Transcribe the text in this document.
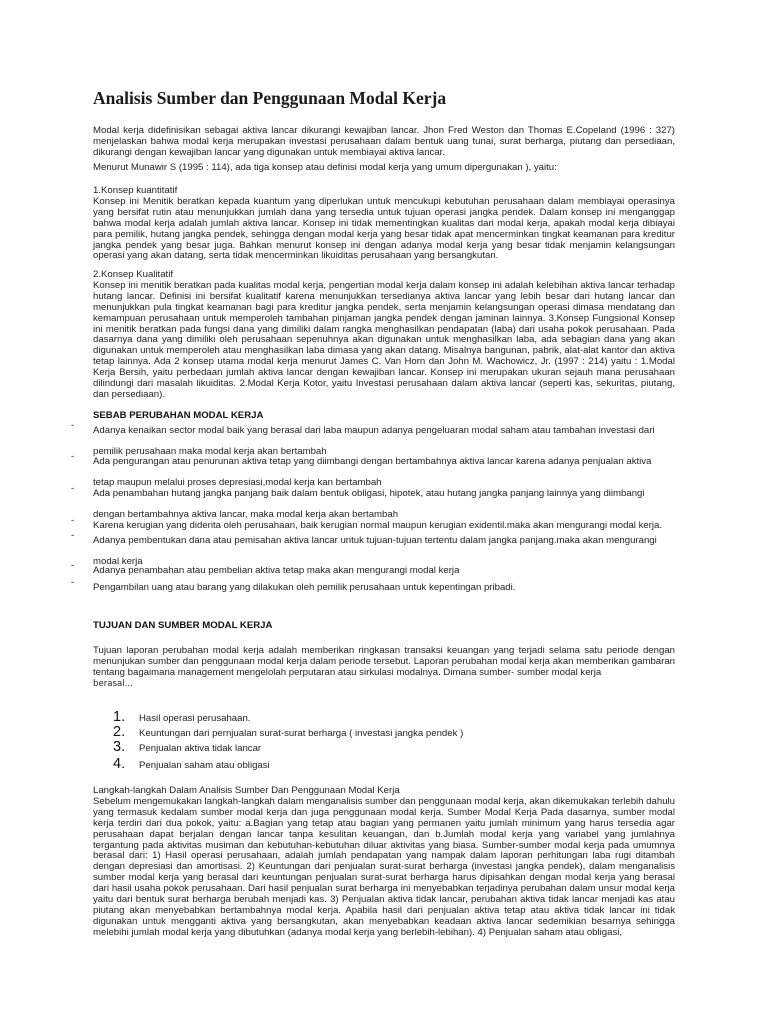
Analisis Sumber dan Penggunaan Modal Kerja
Modal kerja didefinisikan sebagai aktiva lancar dikurangi kewajiban lancar. Jhon Fred Weston dan Thomas E.Copeland (1996 : 327) menjelaskan bahwa modal kerja merupakan investasi perusahaan dalam bentuk uang tunai, surat berharga, piutang dan persediaan, dikurangi dengan kewajiban lancar yang digunakan untuk membiayai aktiva lancar.
Menurut Munawir S (1995 : 114), ada tiga konsep atau definisi modal kerja yang umum dipergunakan ), yaitu:
1.Konsep kuantitatif
Konsep ini Menitik beratkan kepada kuantum yang diperlukan untuk mencukupi kebutuhan perusahaan dalam membiayai operasinya yang bersifat rutin atau menunjukkan jumlah dana yang tersedia untuk tujuan operasi jangka pendek. Dalam konsep ini menganggap bahwa modal kerja adalah jumlah aktiva lancar. Konsep ini tidak mementingkan kualitas dari modal kerja, apakah modal kerja dibiayai para pemilik, hutang jangka pendek, sehingga dengan modal kerja yang besar tidak apat mencerminkan tingkat keamanan para kreditur jangka pendek yang besar juga. Bahkan menurut konsep ini dengan adanya modal kerja yang besar tidak menjamin kelangsungan operasi yang akan datang, serta tidak mencerminkan likuiditas perusahaan yang bersangkutan.
2.Konsep Kualitatif
Konsep ini menitik beratkan pada kualitas modal kerja, pengertian modal kerja dalam konsep ini adalah kelebihan aktiva lancar terhadap hutang lancar. Definisi ini bersifat kualitatif karena menunjukkan tersedianya aktiva lancar yang lebih besar dari hutang lancar dan menunjukkan pula tingkat keamanan bagi para kreditur jangka pendek, serta menjamin kelangsungan operasi dimasa mendatang dan kemampuan perusahaan untuk memperoleh tambahan pinjaman jangka pendek dengan jaminan lainnya. 3.Konsep Fungsional Konsep ini menitik beratkan pada fungsi dana yang dimiliki dalam rangka menghasilkan pendapatan (laba) dari usaha pokok perusahaan. Pada dasarnya dana yang dimiliki oleh perusahaan sepenuhnya akan digunakan untuk menghasilkan laba, ada sebagian dana yang akan digunakan untuk memperoleh atau menghasilkan laba dimasa yang akan datang. Misalnya bangunan, pabrik, alat-alat kantor dan aktiva tetap lainnya. Ada 2 konsep utama modal kerja menurut James C. Van Horn dan John M. Wachowicz, Jr. (1997 : 214) yaitu : 1.Modal Kerja Bersih, yaitu perbedaan jumlah aktiva lancar dengan kewajiban lancar. Konsep ini merupakan ukuran sejauh mana perusahaan dilindungi dari masalah likuiditas. 2.Modal Kerja Kotor, yaitu Investasi perusahaan dalam aktiva lancar (seperti kas, sekuritas, piutang, dan persediaan).
SEBAB PERUBAHAN MODAL KERJA
- Adanya kenaikan sector modal baik yang berasal dari laba maupun adanya pengeluaran modal saham atau tambahan investasi dari pemilik perusahaan maka modal kerja akan bertambah
- Ada pengurangan atau penurunan aktiva tetap yang diimbangi dengan bertambahnya aktiva lancar karena adanya penjualan aktiva tetap maupun melalui proses depresiasi,modal kerja kan bertambah
- Ada penambahan hutang jangka panjang baik dalam bentuk obligasi, hipotek, atau hutang jangka panjang lainnya yang diimbangi dengan bertambahnya aktiva lancar, maka modal kerja akan bertambah
- Karena kerugian yang diderita oleh perusahaan, baik kerugian normal maupun kerugian exidentil.maka akan mengurangi modal kerja.
- Adanya pembentukan dana atau pemisahan aktiva lancar untuk tujuan-tujuan tertentu dalam jangka panjang.maka akan mengurangi modal kerja
- Adanya penambahan atau pembelian aktiva tetap maka akan mengurangi modal kerja
- Pengambilan uang atau barang yang dilakukan oleh pemilik perusahaan untuk kepentingan pribadi.
TUJUAN DAN SUMBER MODAL KERJA
Tujuan laporan perubahan modal kerja adalah memberikan ringkasan transaksi keuangan yang terjadi selama satu periode dengan menunjukan sumber dan penggunaan modal kerja dalam periode tersebut. Laporan perubahan modal kerja akan memberikan gambaran tentang bagaimana management mengelolah perputaran atau sirkulasi modalnya. Dimana sumber- sumber modal kerja
berasal...
1. Hasil operasi perusahaan.
2. Keuntungan dari pernjualan surat-surat berharga ( investasi jangka pendek )
3. Penjualan aktiva tidak lancar
4. Penjualan saham atau obligasi
Langkah-langkah Dalam Analisis Sumber Dan Penggunaan Modal Kerja
Sebelum mengemukakan langkah-langkah dalam menganalisis sumber dan penggunaan modal kerja, akan dikemukakan terlebih dahulu yang termasuk kedalam sumber modal kerja dan juga penggunaan modal kerja. Sumber Modal Kerja Pada dasarnya, sumber modal kerja terdiri dari dua pokok, yaitu: a.Bagian yang tetap atau bagian yang permanen yaitu jumlah minimum yang harus tersedia agar perusahaan dapat berjalan dengan lancar tanpa kesulitan keuangan, dan b.Jumlah modal kerja yang variabel yang jumlahnya tergantung pada aktivitas musiman dan kebutuhan-kebutuhan diluar aktivitas yang biasa. Sumber-sumber modal kerja pada umumnya berasal dari: 1) Hasil operasi perusahaan, adalah jumlah pendapatan yang nampak dalam laporan perhitungan laba rugi ditambah dengan depresiasi dan amortisasi. 2) Keuntungan dari penjualan surat-surat berharga (investasi jangka pendek), dalam menganalisis sumber modal kerja yang berasal dari keuntungan penjualan surat-surat berharga harus dipisahkan dengan modal kerja yang berasal dari hasil usaha pokok perusahaan. Dari hasil penjualan surat berharga ini menyebabkan terjadinya perubahan dalam unsur modal kerja yaitu dari bentuk surat berharga berubah menjadi kas. 3) Penjualan aktiva tidak lancar, perubahan aktiva tidak lancar menjadi kas atau piutang akan menyebabkan bertambahnya modal kerja. Apabila hasil dari penjualan aktiva tetap atau aktiva tidak lancar ini tidak digunakan untuk mengganti aktiva yang bersangkutan, akan menyebabkan keadaan aktiva lancar sedemikian besarnya sehingga melebihi jumlah modal kerja yang dibutuhkan (adanya modal kerja yang berlebih-lebihan). 4) Penjualan saham atau obligasi,
